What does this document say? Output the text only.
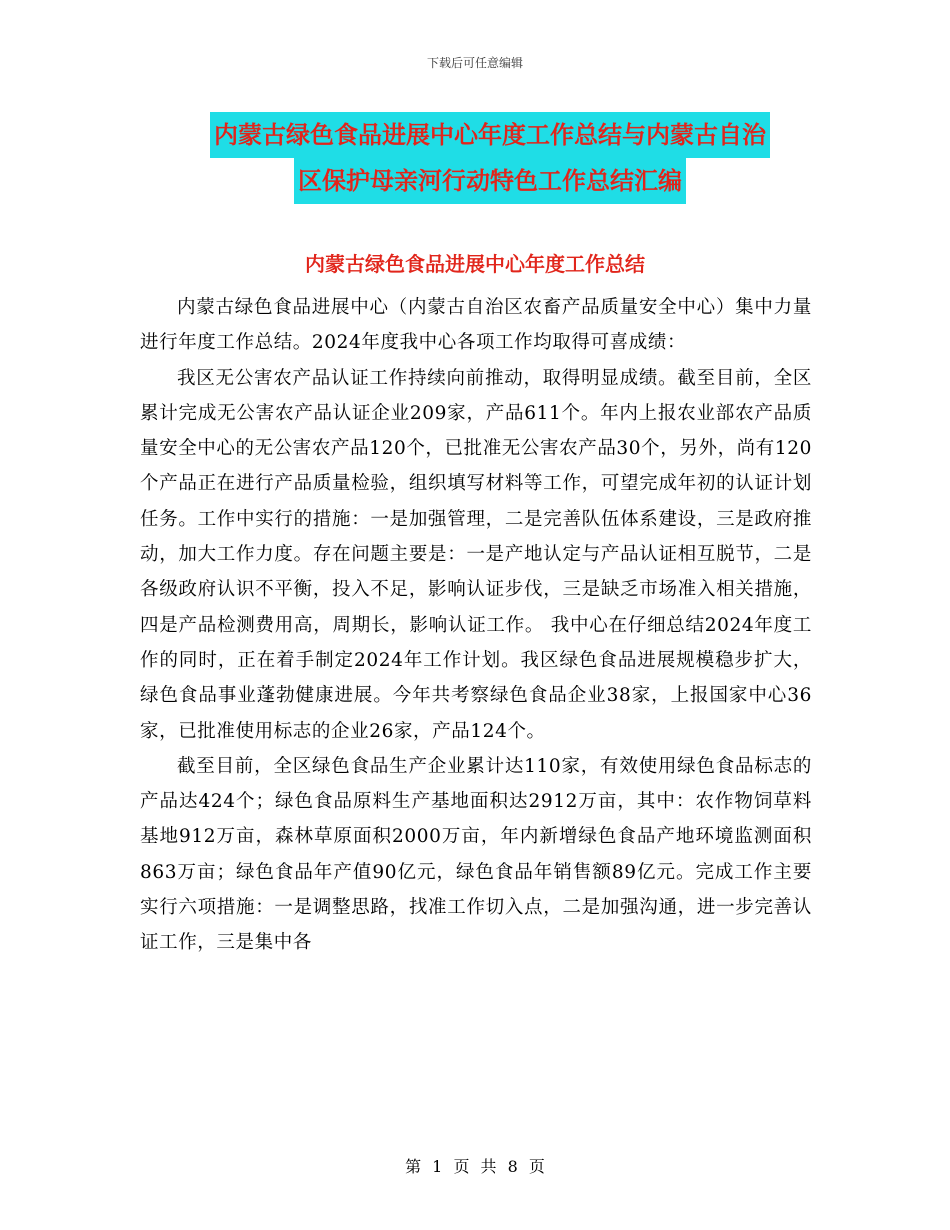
下载后可任意编辑
内蒙古绿色食品进展中心年度工作总结与内蒙古自治
区保护母亲河行动特色工作总结汇编
内蒙古绿色食品进展中心年度工作总结

内蒙古绿色食品进展中心（内蒙古自治区农畜产品质量安全中心）集中力量进行年度工作总结。2024年度我中心各项工作均取得可喜成绩：

我区无公害农产品认证工作持续向前推动，取得明显成绩。截至目前，全区累计完成无公害农产品认证企业209家，产品611个。年内上报农业部农产品质量安全中心的无公害农产品120个，已批准无公害农产品30个，另外，尚有120个产品正在进行产品质量检验，组织填写材料等工作，可望完成年初的认证计划任务。工作中实行的措施：一是加强管理，二是完善队伍体系建设，三是政府推动，加大工作力度。存在问题主要是：一是产地认定与产品认证相互脱节，二是各级政府认识不平衡，投入不足，影响认证步伐，三是缺乏市场准入相关措施，四是产品检测费用高，周期长，影响认证工作。 我中心在仔细总结2024年度工作的同时，正在着手制定2024年工作计划。我区绿色食品进展规模稳步扩大，绿色食品事业蓬勃健康进展。今年共考察绿色食品企业38家，上报国家中心36家，已批准使用标志的企业26家，产品124个。

截至目前，全区绿色食品生产企业累计达110家，有效使用绿色食品标志的产品达424个；绿色食品原料生产基地面积达2912万亩，其中：农作物饲草料基地912万亩，森林草原面积2000万亩，年内新增绿色食品产地环境监测面积863万亩；绿色食品年产值90亿元，绿色食品年销售额89亿元。完成工作主要实行六项措施：一是调整思路，找准工作切入点，二是加强沟通，进一步完善认证工作，三是集中各

第 1 页 共 8 页
